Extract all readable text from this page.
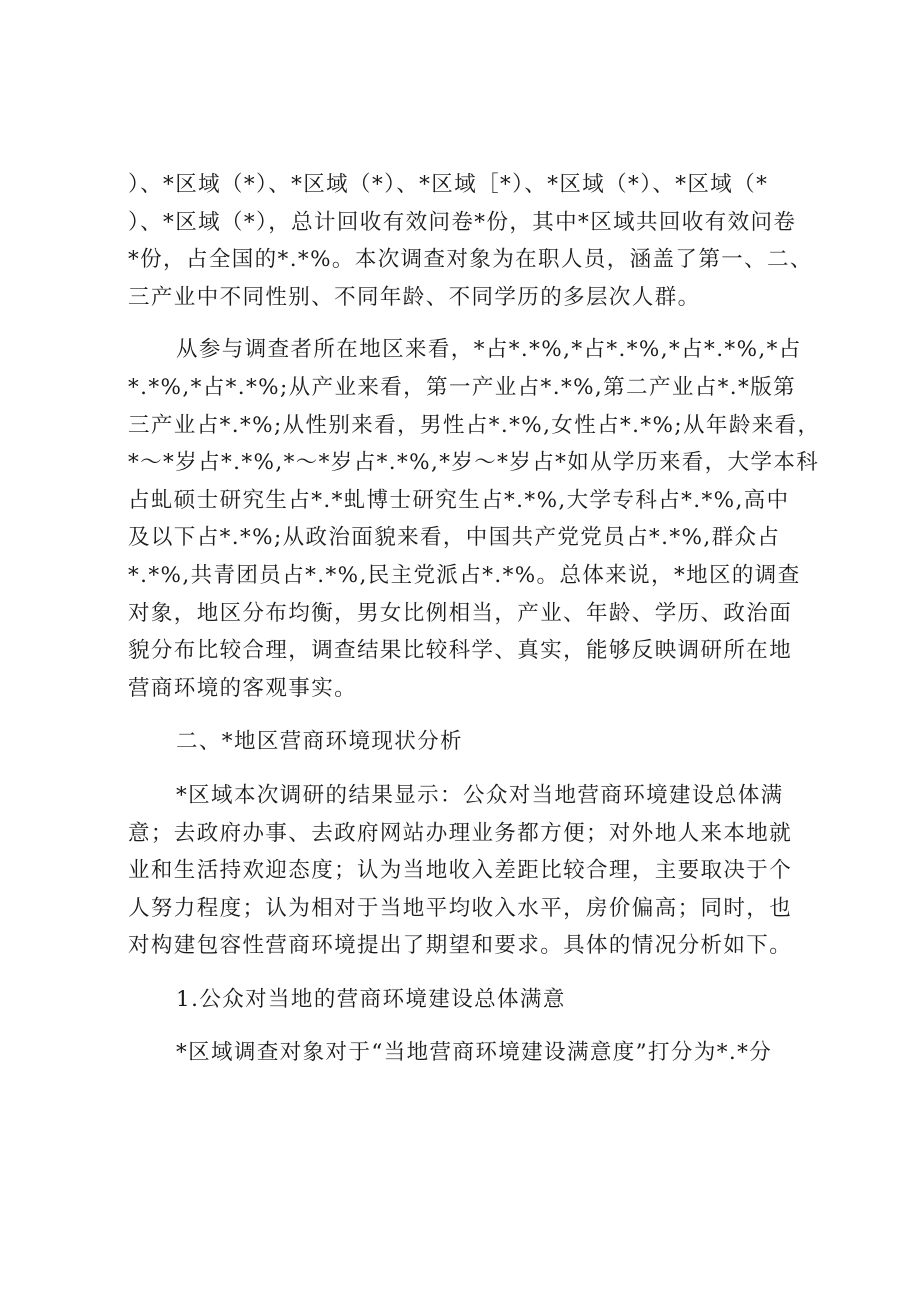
）、*区域（*）、*区域（*）、*区域［*）、*区域（*）、*区域（*
）、*区域（*），总计回收有效问卷*份，其中*区域共回收有效问卷
*份，占全国的*.*%。本次调查对象为在职人员，涵盖了第一、二、
三产业中不同性别、不同年龄、不同学历的多层次人群。
从参与调查者所在地区来看，*占*.*%,*占*.*%,*占*.*%,*占
*.*%,*占*.*%;从产业来看，第一产业占*.*%,第二产业占*.*版第
三产业占*.*%;从性别来看，男性占*.*%,女性占*.*%;从年龄来看，
*～*岁占*.*%,*～*岁占*.*%,*岁～*岁占*如从学历来看，大学本科
占虬硕士研究生占*.*虬博士研究生占*.*%,大学专科占*.*%,高中
及以下占*.*%;从政治面貌来看，中国共产党党员占*.*%,群众占
*.*%,共青团员占*.*%,民主党派占*.*%。总体来说，*地区的调查
对象，地区分布均衡，男女比例相当，产业、年龄、学历、政治面
貌分布比较合理，调查结果比较科学、真实，能够反映调研所在地
营商环境的客观事实。
二、*地区营商环境现状分析
*区域本次调研的结果显示：公众对当地营商环境建设总体满
意；去政府办事、去政府网站办理业务都方便；对外地人来本地就
业和生活持欢迎态度；认为当地收入差距比较合理，主要取决于个
人努力程度；认为相对于当地平均收入水平，房价偏高；同时，也
对构建包容性营商环境提出了期望和要求。具体的情况分析如下。
1.公众对当地的营商环境建设总体满意
*区域调查对象对于“当地营商环境建设满意度”打分为*.*分
